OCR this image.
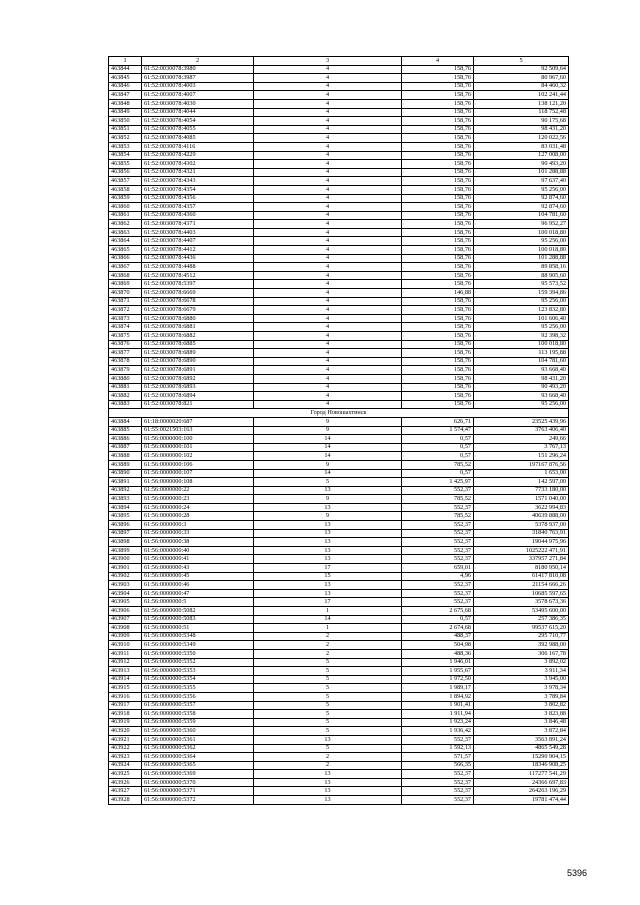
1	2	3	4	5
463844	61:52:0030078:3980	4	158,76	92 509,64
463845	61:52:0030078:3987	4	158,76	80 967,60
463846	61:52:0030078:4003	4	158,76	84 460,32
463847	61:52:0030078:4007	4	158,76	102 241,44
463848	61:52:0030078:4030	4	158,76	138 121,20
463849	61:52:0030078:4044	4	158,76	118 752,48
463850	61:52:0030078:4054	4	158,76	90 175,68
463851	61:52:0030078:4055	4	158,76	98 431,20
463852	61:52:0030078:4085	4	158,76	120 022,56
463853	61:52:0030078:4116	4	158,76	83 031,48
463854	61:52:0030078:4229	4	158,76	127 008,00
463855	61:52:0030078:4302	4	158,76	90 493,20
463856	61:52:0030078:4321	4	158,76	101 288,88
463857	61:52:0030078:4343	4	158,76	97 637,40
463858	61:52:0030078:4354	4	158,76	95 256,00
463859	61:52:0030078:4356	4	158,76	92 874,60
463860	61:52:0030078:4357	4	158,76	92 874,60
463861	61:52:0030078:4360	4	158,76	104 781,60
463862	61:52:0030078:4371	4	158,76	96 952,27
463863	61:52:0030078:4403	4	158,76	100 018,80
463864	61:52:0030078:4407	4	158,76	95 256,00
463865	61:52:0030078:4412	4	158,76	100 018,80
463866	61:52:0030078:4436	4	158,76	101 288,88
463867	61:52:0030078:4488	4	158,76	89 858,16
463868	61:52:0030078:4512	4	158,76	88 905,60
463869	61:52:0030078:5397	4	158,76	95 573,52
463870	61:52:0030078:6669	4	146,88	159 394,86
463871	61:52:0030078:6678	4	158,76	95 256,00
463872	61:52:0030078:6679	4	158,76	123 832,80
463873	61:52:0030078:6880	4	158,76	101 606,40
463874	61:52:0030078:6881	4	158,76	95 256,00
463875	61:52:0030078:6882	4	158,76	92 398,32
463876	61:52:0030078:6885	4	158,76	100 018,80
463877	61:52:0030078:6889	4	158,76	113 195,88
463878	61:52:0030078:6890	4	158,76	104 781,60
463879	61:52:0030078:6891	4	158,76	93 668,40
463880	61:52:0030078:6892	4	158,76	98 431,20
463881	61:52:0030078:6893	4	158,76	90 493,20
463882	61:52:0030078:6894	4	158,76	93 668,40
463883	61:52:0030078:821	4	158,76	95 256,00
Город Новошахтинск				
463884	61:18:0000020:687	9	626,71	23525 439,96
463885	61:55:0021503:163	9	1 574,47	3763 406,40
463886	61:56:0000000:100	14	0,57	249,66
463887	61:56:0000000:101	14	0,57	3 767,13
463888	61:56:0000000:102	14	0,57	151 296,24
463889	61:56:0000000:106	9	785,52	197167 876,56
463890	61:56:0000000:107	14	0,57	1 653,00
463891	61:56:0000000:108	5	1 425,97	142 597,00
463892	61:56:0000000:22	13	552,37	7733 180,00
463893	61:56:0000000:23	9	785,52	1571 040,00
463894	61:56:0000000:24	13	552,37	3622 994,83
463895	61:56:0000000:28	9	785,52	40639 888,00
463896	61:56:0000000:3	13	552,37	5378 937,00
463897	61:56:0000000:33	13	552,37	31840 763,91
463898	61:56:0000000:38	13	552,37	19044 975,96
463899	61:56:0000000:40	13	552,37	1025222 471,91
463900	61:56:0000000:41	13	552,37	337957 271,84
463901	61:56:0000000:43	17	659,01	8180 950,14
463902	61:56:0000000:45	15	4,96	61417 810,08
463903	61:56:0000000:46	13	552,37	21154 666,26
463904	61:56:0000000:47	13	552,37	10685 597,65
463905	61:56:0000000:5	17	552,37	3578 673,36
463906	61:56:0000000:5082	1	2 675,68	53495 600,00
463907	61:56:0000000:5083	14	0,57	257 386,35
463908	61:56:0000000:51	1	2 674,68	99537 615,20
463909	61:56:0000000:5348	2	488,37	295 710,77
463910	61:56:0000000:5349	2	504,98	392 988,00
463911	61:56:0000000:5350	2	488,36	306 167,78
463912	61:56:0000000:5352	5	1 946,01	3 892,02
463913	61:56:0000000:5353	5	1 955,67	3 911,34
463914	61:56:0000000:5354	5	1 972,50	3 945,00
463915	61:56:0000000:5355	5	1 989,17	3 978,34
463916	61:56:0000000:5356	5	1 894,92	3 789,84
463917	61:56:0000000:5357	5	1 901,41	3 802,82
463918	61:56:0000000:5358	5	1 911,94	3 823,88
463919	61:56:0000000:5359	5	1 923,24	3 846,48
463920	61:56:0000000:5360	5	1 936,42	3 872,84
463921	61:56:0000000:5361	13	552,37	3563 891,24
463922	61:56:0000000:5362	5	1 592,13	4865 549,28
463923	61:56:0000000:5364	2	571,57	15290 904,15
463924	61:56:0000000:5365	2	566,35	18346 908,25
463925	61:56:0000000:5369	13	552,37	117277 541,29
463926	61:56:0000000:5370	13	552,37	24366 697,83
463927	61:56:0000000:5371	13	552,37	264263 196,29
463928	61:56:0000000:5372	13	552,37	19781 474,44
5396
